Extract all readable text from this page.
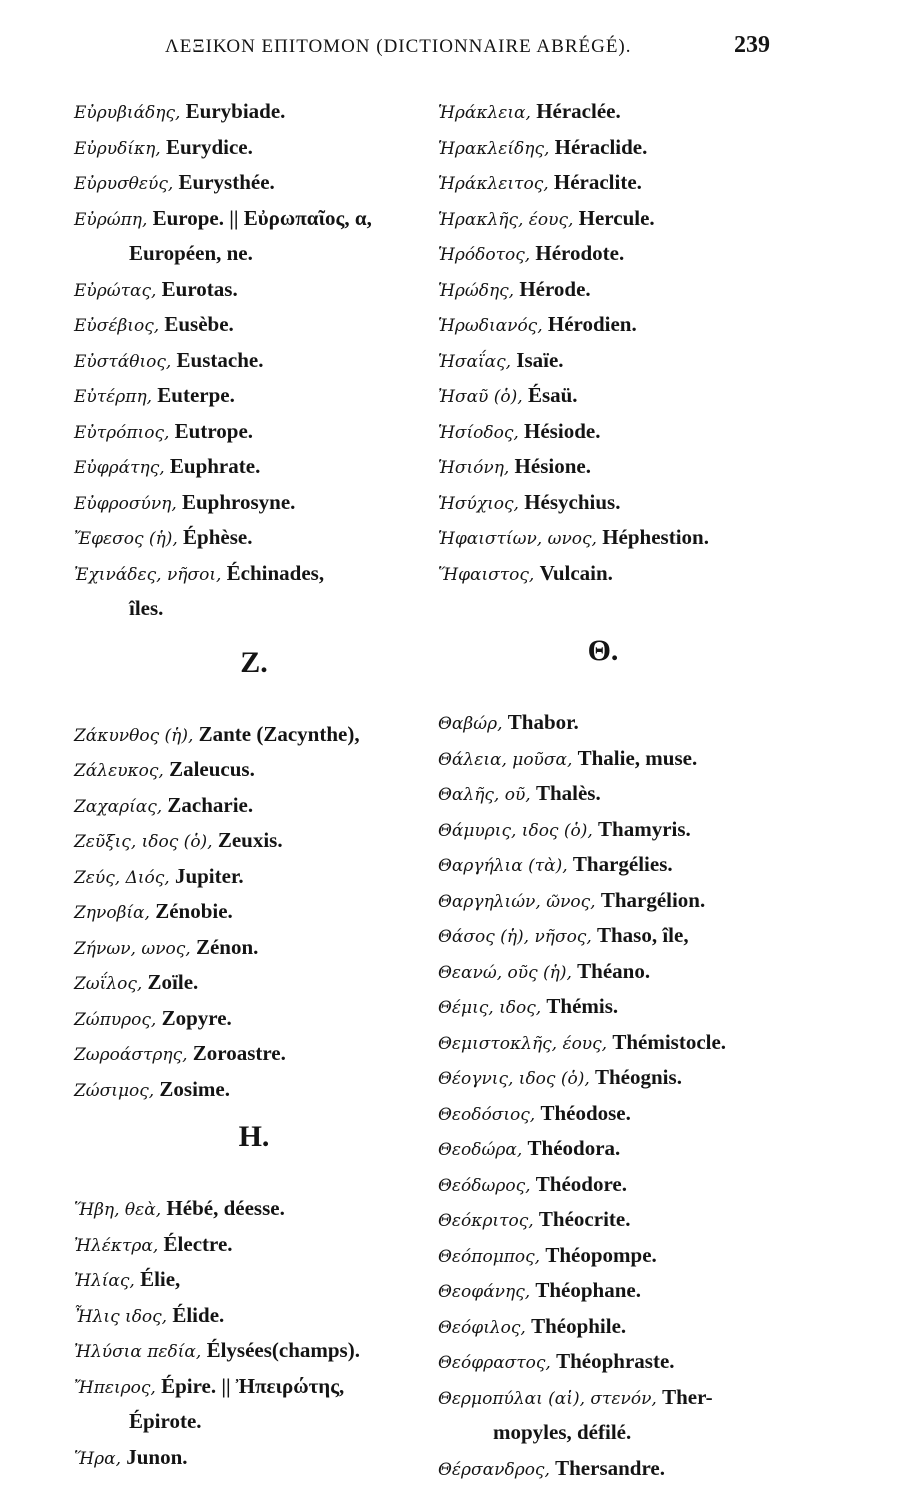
ΛΕΞΙΚΟΝ ΕΠΙΤΟΜΟΝ (DICTIONNAIRE ABRÉGÉ).	239
Εὐρυβιάδης, Eurybiade.
Εὐρυδίκη, Eurydice.
Εὐρυσθεύς, Eurysthée.
Εὐρώπη, Europe. || Εὐρωπαῖος, α,
Européen, ne.
Εὐρώτας, Eurotas.
Εὐσέβιος, Eusèbe.
Εὐστάθιος, Eustache.
Εὐτέρπη, Euterpe.
Εὐτρόπιος, Eutrope.
Εὐφράτης, Euphrate.
Εὐφροσύνη, Euphrosyne.
Ἔφεσος (ἡ), Éphèse.
Ἐχινάδες, νῆσοι, Échinades,
îles.
Z.
Ζάκυνθος (ἡ), Zante (Zacynthe),
Ζάλευκος, Zaleucus.
Ζαχαρίας, Zacharie.
Ζεῦξις, ιδος (ὁ), Zeuxis.
Ζεύς, Διός, Jupiter.
Ζηνοβία, Zénobie.
Ζήνων, ωνος, Zénon.
Ζωΐλος, Zoïle.
Ζώπυρος, Zopyre.
Ζωροάστρης, Zoroastre.
Ζώσιμος, Zosime.
H.
Ἥβη, θεὰ, Hébé, déesse.
Ἠλέκτρα, Électre.
Ἠλίας, Élie,
Ἦλις ιδος, Élide.
Ἠλύσια πεδία, Élysées(champs).
Ἤπειρος, Épire. || Ἠπειρώτης,
Épirote.
Ἥρα, Junon.
Ἡράκλεια, Héraclée.
Ἡρακλείδης, Héraclide.
Ἡράκλειτος, Héraclite.
Ἡρακλῆς, έους, Hercule.
Ἡρόδοτος, Hérodote.
Ἡρώδης, Hérode.
Ἡρωδιανός, Hérodien.
Ἡσαΐας, Isaïe.
Ἠσαῦ (ὁ), Ésaü.
Ἡσίοδος, Hésiode.
Ἡσιόνη, Hésione.
Ἡσύχιος, Hésychius.
Ἡφαιστίων, ωνος, Héphestion.
Ἥφαιστος, Vulcain.
Θ.
Θαβώρ, Thabor.
Θάλεια, μοῦσα, Thalie, muse.
Θαλῆς, οῦ, Thalès.
Θάμυρις, ιδος (ὁ), Thamyris.
Θαργήλια (τὰ), Thargélies.
Θαργηλιών, ῶνος, Thargélion.
Θάσος (ἡ), νῆσος, Thaso, île,
Θεανώ, οῦς (ἡ), Théano.
Θέμις, ιδος, Thémis.
Θεμιστοκλῆς, έους, Thémistocle.
Θέογνις, ιδος (ὁ), Théognis.
Θεοδόσιος, Théodose.
Θεοδώρα, Théodora.
Θεόδωρος, Théodore.
Θεόκριτος, Théocrite.
Θεόπομπος, Théopompe.
Θεοφάνης, Théophane.
Θεόφιλος, Théophile.
Θεόφραστος, Théophraste.
Θερμοπύλαι (αἱ), στενόν, Ther-
mopyles, défilé.
Θέρσανδρος, Thersandre.
